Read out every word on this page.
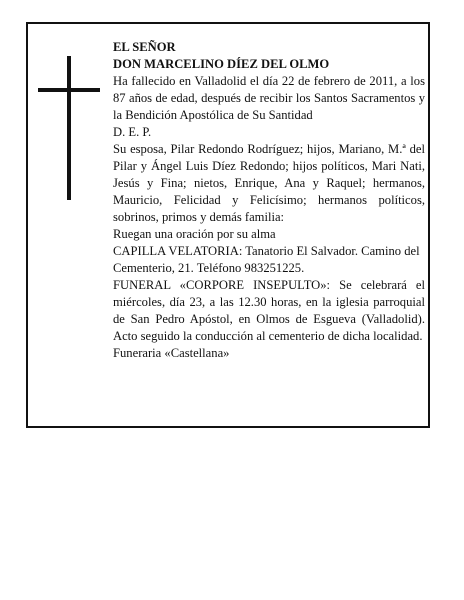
EL SEÑOR

DON MARCELINO DÍEZ DEL OLMO

Ha fallecido en Valladolid el día 22 de febrero de 2011, a los 87 años de edad, después de recibir los Santos Sacramentos y la Bendición Apostólica de Su Santidad

D. E. P.

Su esposa, Pilar Redondo Rodríguez; hijos, Mariano, M.ª del Pilar y Ángel Luis Díez Redondo; hijos políticos, Mari Nati, Jesús y Fina; nietos, Enrique, Ana y Raquel; hermanos, Mauricio, Felicidad y Felicísimo; hermanos políticos, sobrinos, primos y demás familia:

Ruegan una oración por su alma

CAPILLA VELATORIA: Tanatorio El Salvador. Camino del Cementerio, 21. Teléfono 983251225.

FUNERAL «CORPORE INSEPULTO»: Se celebrará el miércoles, día 23, a las 12.30 horas, en la iglesia parroquial de San Pedro Apóstol, en Olmos de Esgueva (Valladolid). Acto seguido la conducción al cementerio de dicha localidad.

Funeraria «Castellana»
